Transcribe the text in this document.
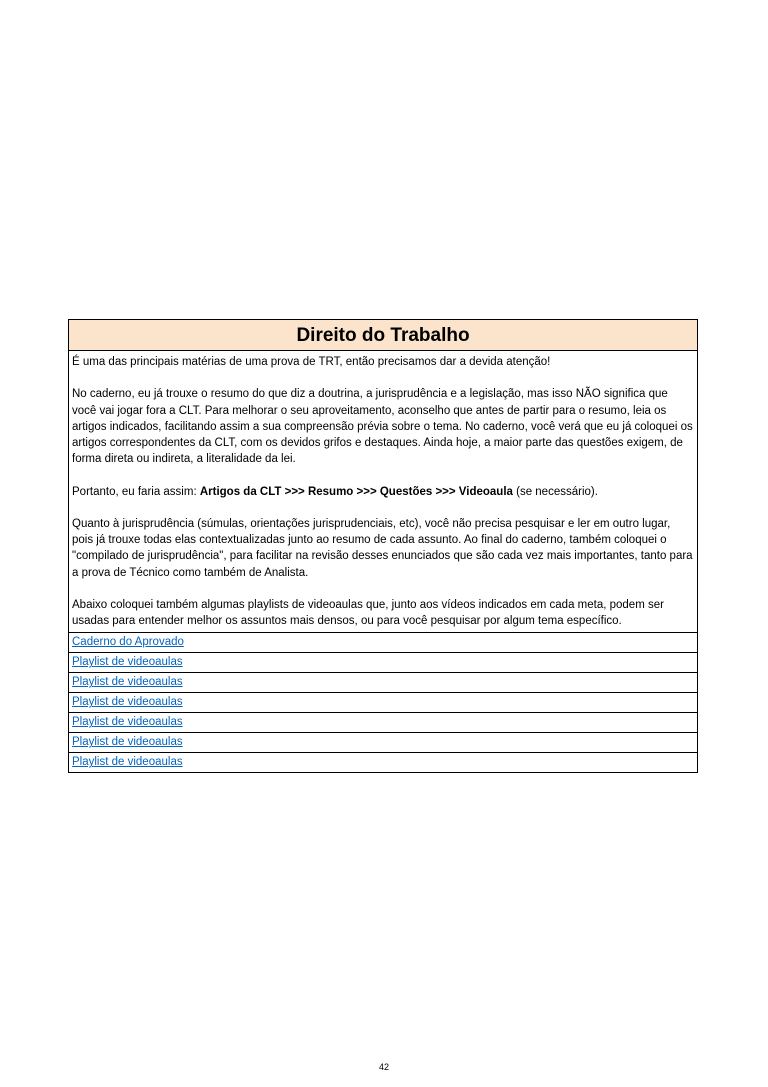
Direito do Trabalho

É uma das principais matérias de uma prova de TRT, então precisamos dar a devida atenção!

No caderno, eu já trouxe o resumo do que diz a doutrina, a jurisprudência e a legislação, mas isso NÃO significa que você vai jogar fora a CLT. Para melhorar o seu aproveitamento, aconselho que antes de partir para o resumo, leia os artigos indicados, facilitando assim a sua compreensão prévia sobre o tema. No caderno, você verá que eu já coloquei os artigos correspondentes da CLT, com os devidos grifos e destaques. Ainda hoje, a maior parte das questões exigem, de forma direta ou indireta, a literalidade da lei.

Portanto, eu faria assim: Artigos da CLT >>> Resumo >>> Questões >>> Videoaula (se necessário).

Quanto à jurisprudência (súmulas, orientações jurisprudenciais, etc), você não precisa pesquisar e ler em outro lugar, pois já trouxe todas elas contextualizadas junto ao resumo de cada assunto. Ao final do caderno, também coloquei o "compilado de jurisprudência", para facilitar na revisão desses enunciados que são cada vez mais importantes, tanto para a prova de Técnico como também de Analista.

Abaixo coloquei também algumas playlists de videoaulas que, junto aos vídeos indicados em cada meta, podem ser usadas para entender melhor os assuntos mais densos, ou para você pesquisar por algum tema específico.

Caderno do Aprovado
Playlist de videoaulas
Playlist de videoaulas
Playlist de videoaulas
Playlist de videoaulas
Playlist de videoaulas
Playlist de videoaulas
42
